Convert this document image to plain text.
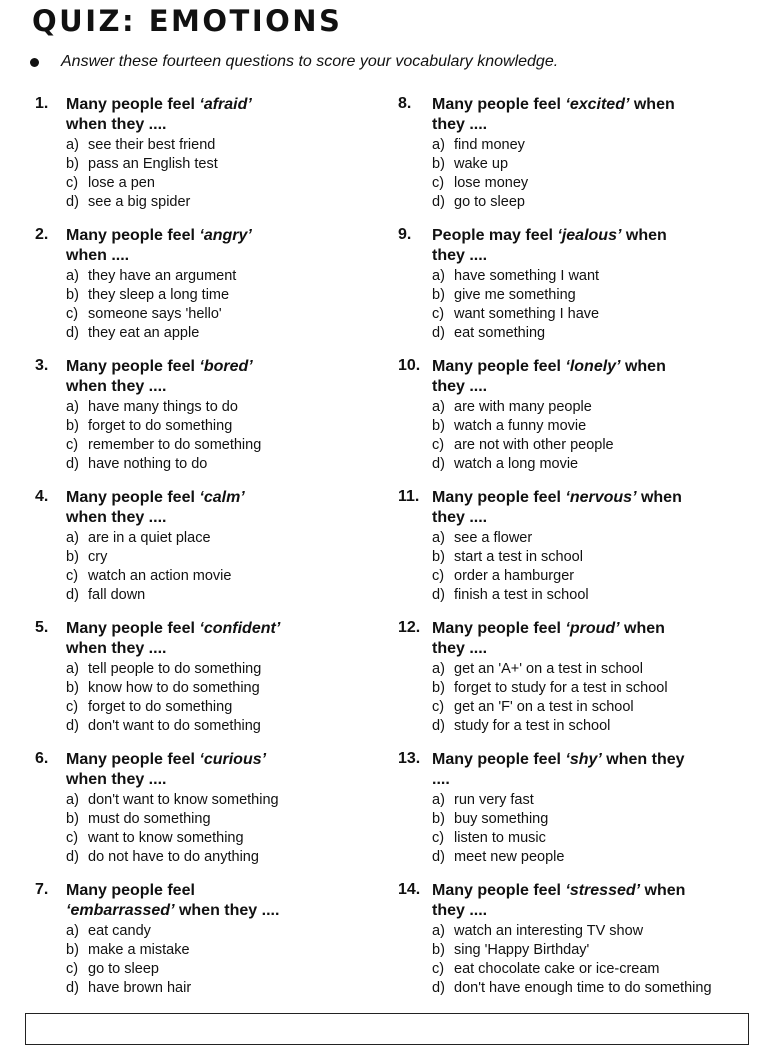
QUIZ: EMOTIONS
Answer these fourteen questions to score your vocabulary knowledge.
1. Many people feel ‘afraid’ when they ....
a) see their best friend
b) pass an English test
c) lose a pen
d) see a big spider
2. Many people feel ‘angry’ when ....
a) they have an argument
b) they sleep a long time
c) someone says 'hello'
d) they eat an apple
3. Many people feel ‘bored’ when they ....
a) have many things to do
b) forget to do something
c) remember to do something
d) have nothing to do
4. Many people feel ‘calm’ when they ....
a) are in a quiet place
b) cry
c) watch an action movie
d) fall down
5. Many people feel ‘confident’ when they ....
a) tell people to do something
b) know how to do something
c) forget to do something
d) don't want to do something
6. Many people feel ‘curious’ when they ....
a) don't want to know something
b) must do something
c) want to know something
d) do not have to do anything
7. Many people feel ‘embarrassed’ when they ....
a) eat candy
b) make a mistake
c) go to sleep
d) have brown hair
8. Many people feel ‘excited’ when they ....
a) find money
b) wake up
c) lose money
d) go to sleep
9. People may feel ‘jealous’ when they ....
a) have something I want
b) give me something
c) want something I have
d) eat something
10. Many people feel ‘lonely’ when they ....
a) are with many people
b) watch a funny movie
c) are not with other people
d) watch a long movie
11. Many people feel ‘nervous’ when they ....
a) see a flower
b) start a test in school
c) order a hamburger
d) finish a test in school
12. Many people feel ‘proud’ when they ....
a) get an 'A+' on a test in school
b) forget to study for a test in school
c) get an 'F' on a test in school
d) study for a test in school
13. Many people feel ‘shy’ when they ....
a) run very fast
b) buy something
c) listen to music
d) meet new people
14. Many people feel ‘stressed’ when they ....
a) watch an interesting TV show
b) sing 'Happy Birthday'
c) eat chocolate cake or ice-cream
d) don't have enough time to do something
